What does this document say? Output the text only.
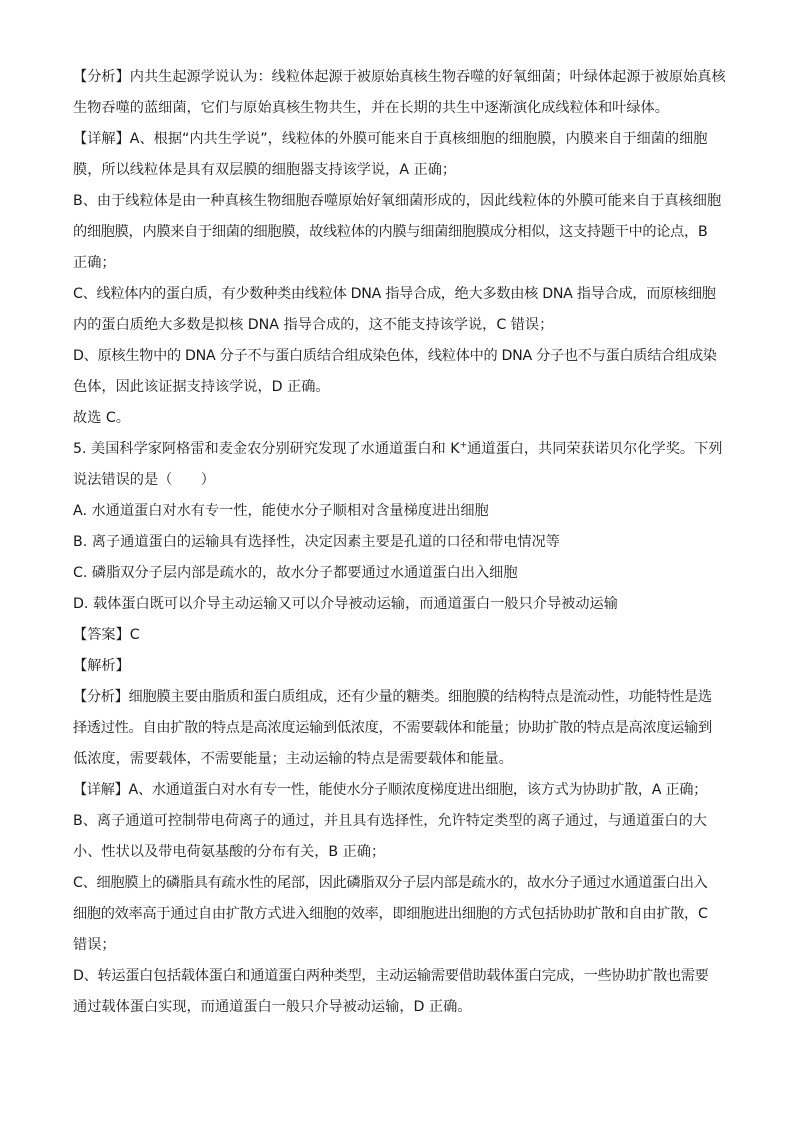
【分析】内共生起源学说认为：线粒体起源于被原始真核生物吞噬的好氧细菌；叶绿体起源于被原始真核
生物吞噬的蓝细菌，它们与原始真核生物共生，并在长期的共生中逐渐演化成线粒体和叶绿体。
【详解】A、根据“内共生学说”，线粒体的外膜可能来自于真核细胞的细胞膜，内膜来自于细菌的细胞
膜，所以线粒体是具有双层膜的细胞器支持该学说，A 正确；
B、由于线粒体是由一种真核生物细胞吞噬原始好氧细菌形成的，因此线粒体的外膜可能来自于真核细胞
的细胞膜，内膜来自于细菌的细胞膜，故线粒体的内膜与细菌细胞膜成分相似，这支持题干中的论点，B
正确；
C、线粒体内的蛋白质，有少数种类由线粒体 DNA 指导合成，绝大多数由核 DNA 指导合成，而原核细胞
内的蛋白质绝大多数是拟核 DNA 指导合成的，这不能支持该学说，C 错误；
D、原核生物中的 DNA 分子不与蛋白质结合组成染色体，线粒体中的 DNA 分子也不与蛋白质结合组成染
色体，因此该证据支持该学说，D 正确。
故选 C。
5. 美国科学家阿格雷和麦金农分别研究发现了水通道蛋白和 K+通道蛋白，共同荣获诺贝尔化学奖。下列
说法错误的是（　　）
A. 水通道蛋白对水有专一性，能使水分子顺相对含量梯度进出细胞
B. 离子通道蛋白的运输具有选择性，决定因素主要是孔道的口径和带电情况等
C. 磷脂双分子层内部是疏水的，故水分子都要通过水通道蛋白出入细胞
D. 载体蛋白既可以介导主动运输又可以介导被动运输，而通道蛋白一般只介导被动运输
【答案】C
【解析】
【分析】细胞膜主要由脂质和蛋白质组成，还有少量的糖类。细胞膜的结构特点是流动性，功能特性是选
择透过性。自由扩散的特点是高浓度运输到低浓度，不需要载体和能量；协助扩散的特点是高浓度运输到
低浓度，需要载体，不需要能量；主动运输的特点是需要载体和能量。
【详解】A、水通道蛋白对水有专一性，能使水分子顺浓度梯度进出细胞，该方式为协助扩散，A 正确；
B、离子通道可控制带电荷离子的通过，并且具有选择性，允许特定类型的离子通过，与通道蛋白的大
小、性状以及带电荷氨基酸的分布有关，B 正确；
C、细胞膜上的磷脂具有疏水性的尾部，因此磷脂双分子层内部是疏水的，故水分子通过水通道蛋白出入
细胞的效率高于通过自由扩散方式进入细胞的效率，即细胞进出细胞的方式包括协助扩散和自由扩散，C
错误；
D、转运蛋白包括载体蛋白和通道蛋白两种类型，主动运输需要借助载体蛋白完成，一些协助扩散也需要
通过载体蛋白实现，而通道蛋白一般只介导被动运输，D 正确。
